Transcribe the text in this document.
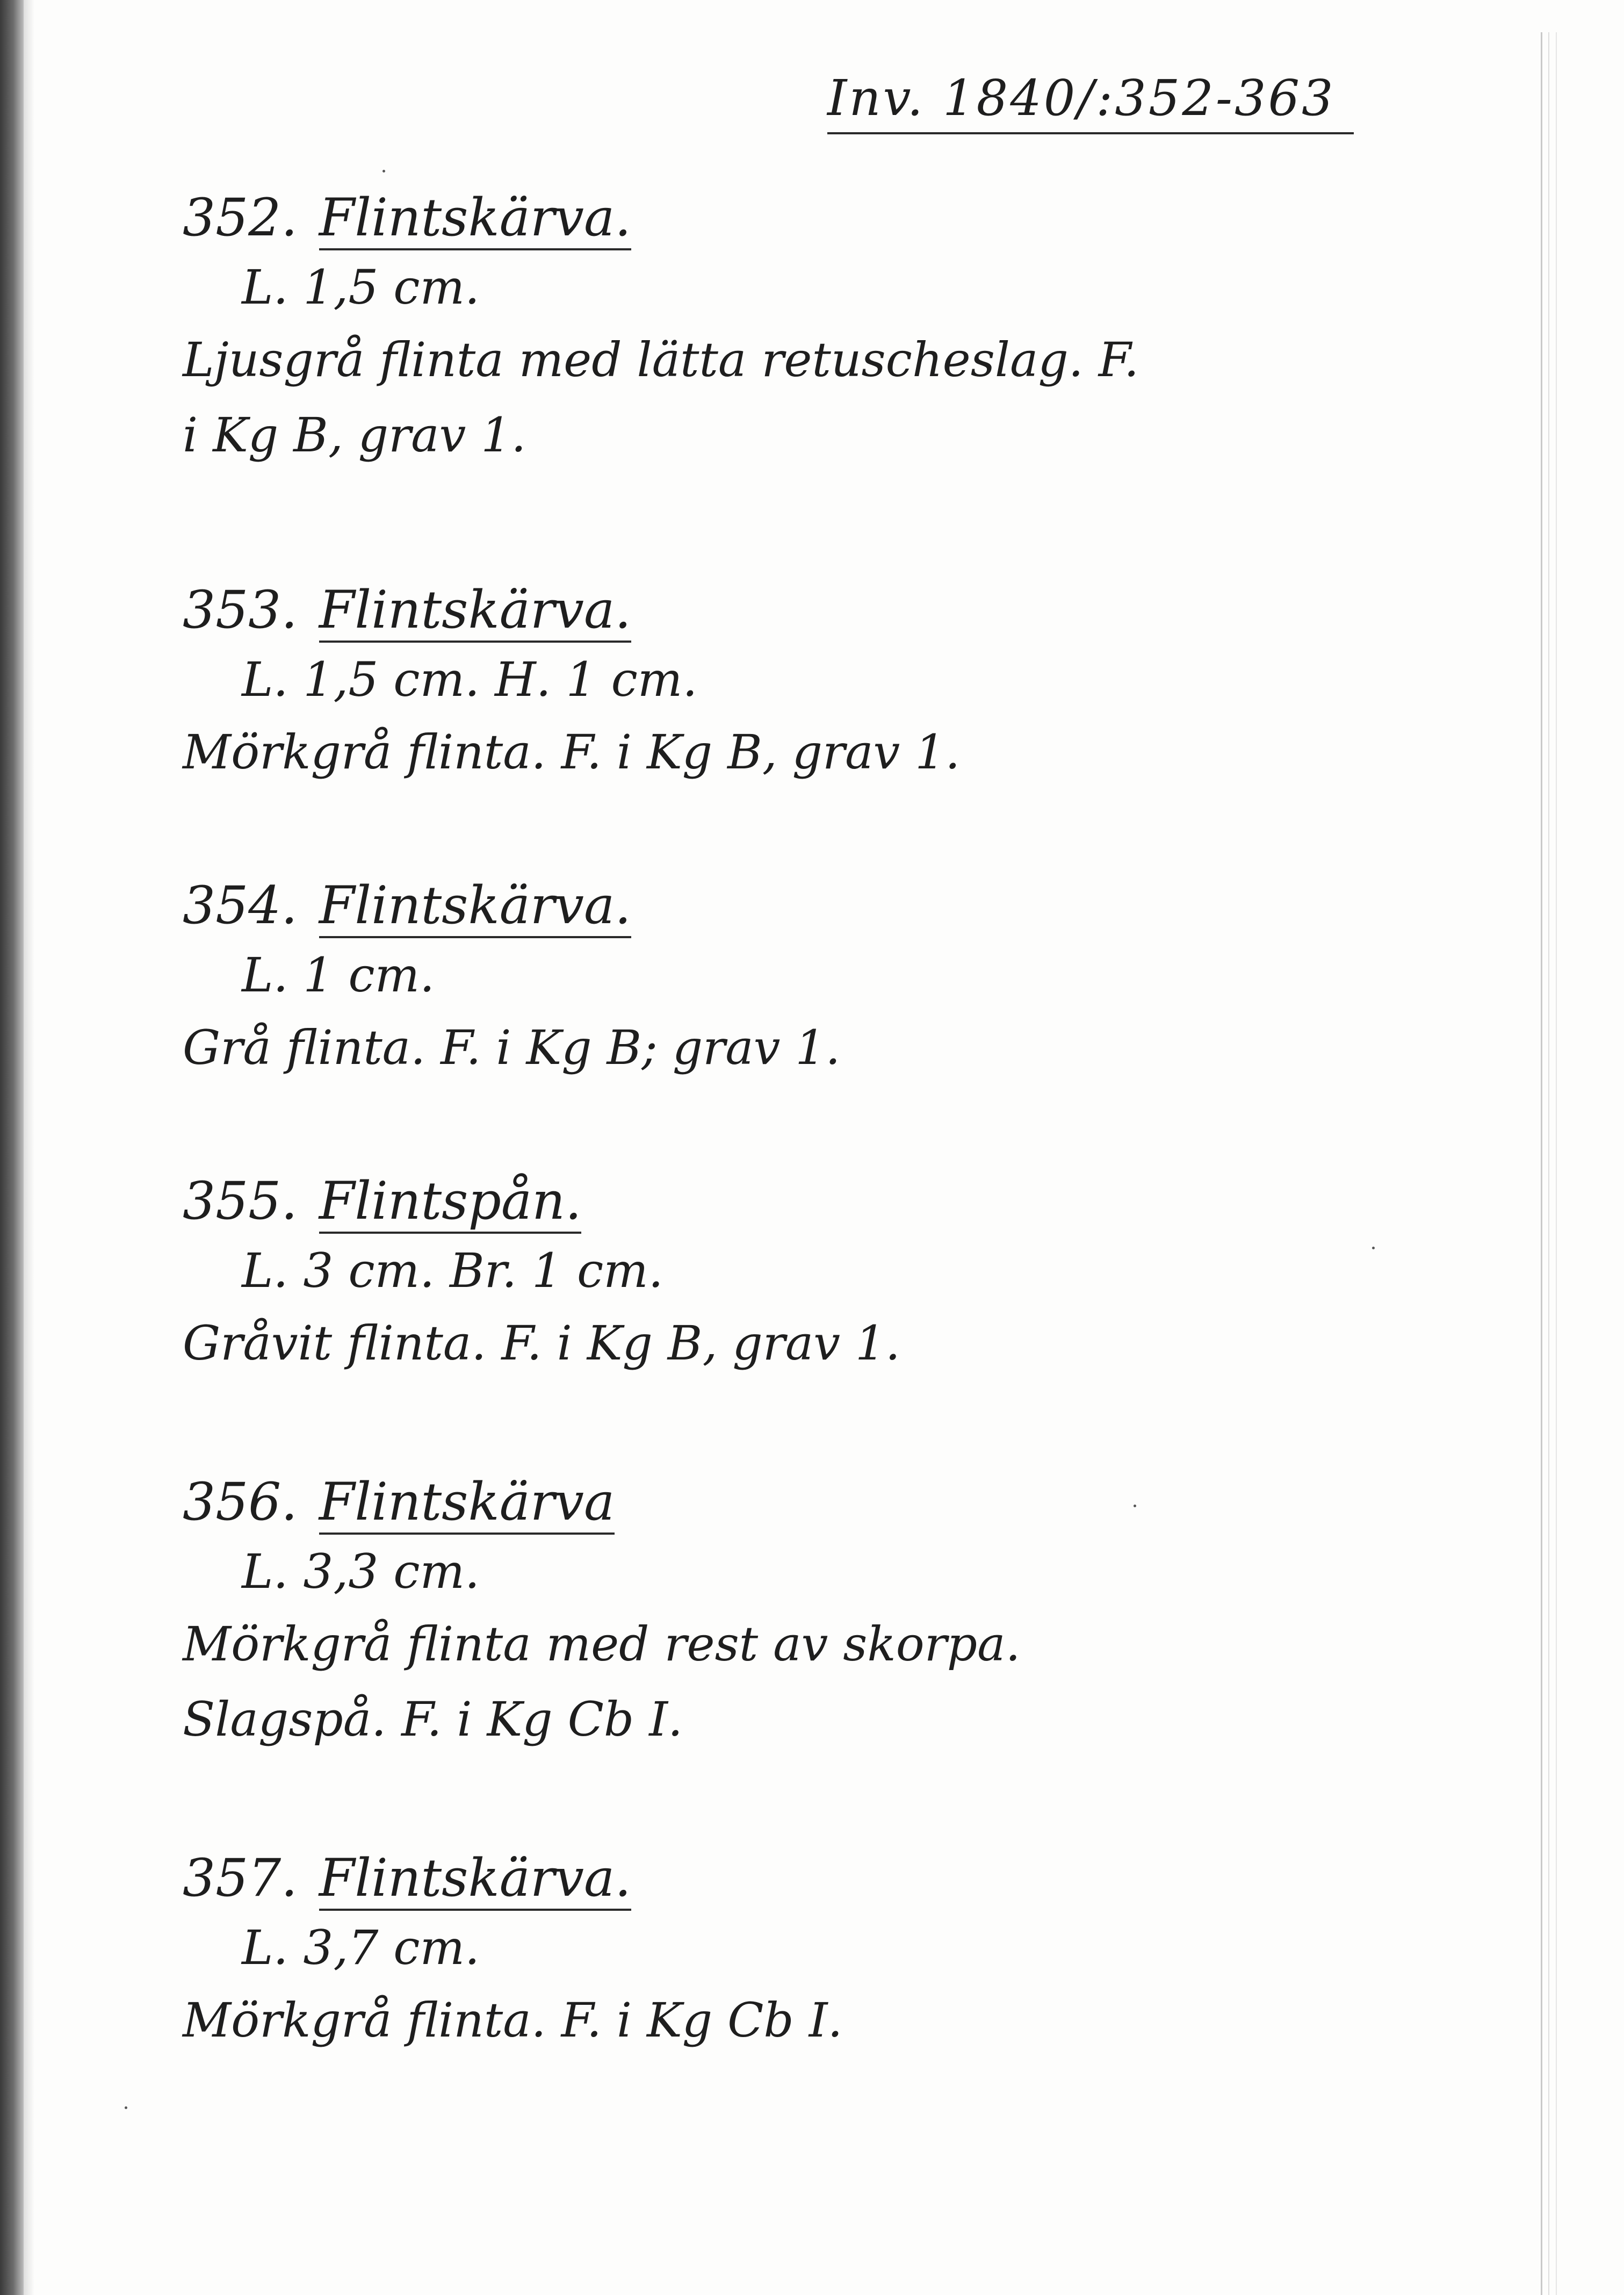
Inv. 1840/:352-363
352. Flintskärva.
L. 1,5 cm.
Ljusgrå flinta med lätta retuscheslag. F.
i Kg B, grav 1.
353. Flintskärva.
L. 1,5 cm. H. 1 cm.
Mörkgrå flinta. F. i Kg B, grav 1.
354. Flintskärva.
L. 1 cm.
Grå flinta. F. i Kg B; grav 1.
355. Flintspån.
L. 3 cm. Br. 1 cm.
Gråvit flinta. F. i Kg B, grav 1.
356. Flintskärva
L. 3,3 cm.
Mörkgrå flinta med rest av skorpa.
Slagspå. F. i Kg Cb I.
357. Flintskärva.
L. 3,7 cm.
Mörkgrå flinta. F. i Kg Cb I.
